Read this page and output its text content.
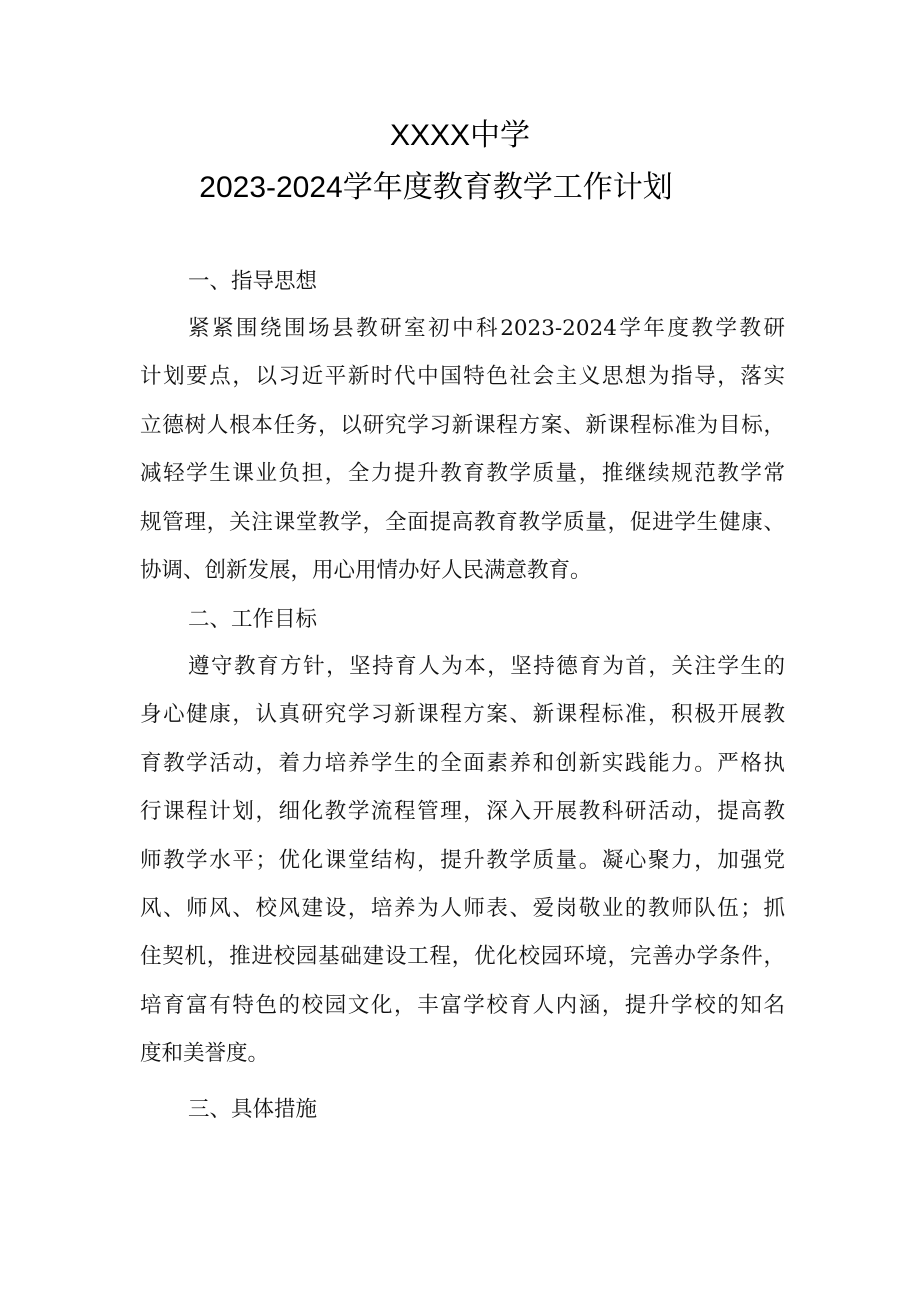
XXXX中学
2023-2024学年度教育教学工作计划
一、指导思想
紧紧围绕围场县教研室初中科2023-2024学年度教学教研
计划要点，以习近平新时代中国特色社会主义思想为指导，落实
立德树人根本任务，以研究学习新课程方案、新课程标准为目标，
减轻学生课业负担，全力提升教育教学质量，推继续规范教学常
规管理，关注课堂教学，全面提高教育教学质量，促进学生健康、
协调、创新发展，用心用情办好人民满意教育。
二、工作目标
遵守教育方针，坚持育人为本，坚持德育为首，关注学生的
身心健康，认真研究学习新课程方案、新课程标准，积极开展教
育教学活动，着力培养学生的全面素养和创新实践能力。严格执
行课程计划，细化教学流程管理，深入开展教科研活动，提高教
师教学水平；优化课堂结构，提升教学质量。凝心聚力，加强党
风、师风、校风建设，培养为人师表、爱岗敬业的教师队伍；抓
住契机，推进校园基础建设工程，优化校园环境，完善办学条件，
培育富有特色的校园文化，丰富学校育人内涵，提升学校的知名
度和美誉度。
三、具体措施
